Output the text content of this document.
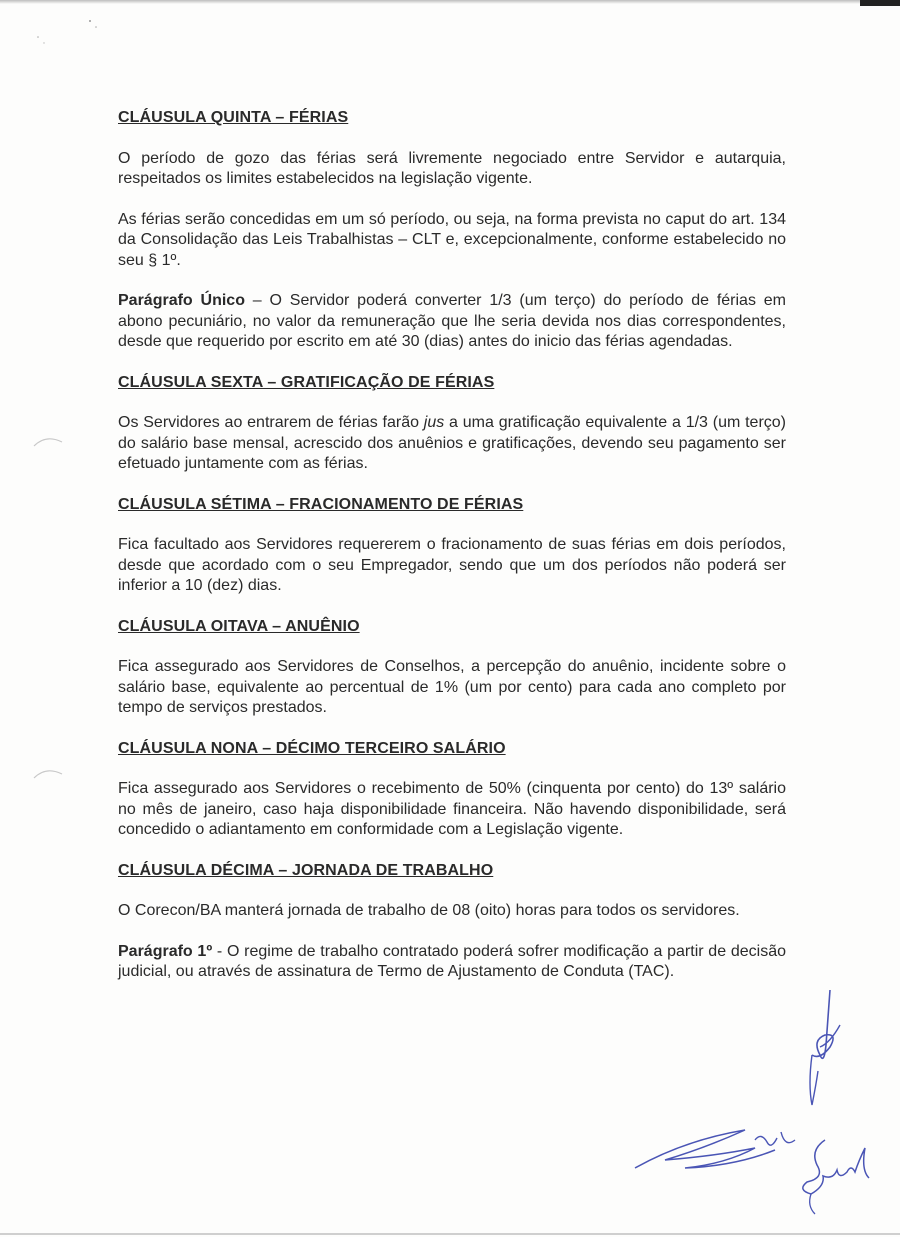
CLÁUSULA QUINTA – FÉRIAS

O período de gozo das férias será livremente negociado entre Servidor e autarquia, respeitados os limites estabelecidos na legislação vigente.

As férias serão concedidas em um só período, ou seja, na forma prevista no caput do art. 134 da Consolidação das Leis Trabalhistas – CLT e, excepcionalmente, conforme estabelecido no seu § 1º.

Parágrafo Único – O Servidor poderá converter 1/3 (um terço) do período de férias em abono pecuniário, no valor da remuneração que lhe seria devida nos dias correspondentes, desde que requerido por escrito em até 30 (dias) antes do inicio das férias agendadas.

CLÁUSULA SEXTA – GRATIFICAÇÃO DE FÉRIAS

Os Servidores ao entrarem de férias farão jus a uma gratificação equivalente a 1/3 (um terço) do salário base mensal, acrescido dos anuênios e gratificações, devendo seu pagamento ser efetuado juntamente com as férias.

CLÁUSULA SÉTIMA – FRACIONAMENTO DE FÉRIAS

Fica facultado aos Servidores requererem o fracionamento de suas férias em dois períodos, desde que acordado com o seu Empregador, sendo que um dos períodos não poderá ser inferior a 10 (dez) dias.

CLÁUSULA OITAVA – ANUÊNIO

Fica assegurado aos Servidores de Conselhos, a percepção do anuênio, incidente sobre o salário base, equivalente ao percentual de 1% (um por cento) para cada ano completo por tempo de serviços prestados.

CLÁUSULA NONA – DÉCIMO TERCEIRO SALÁRIO

Fica assegurado aos Servidores o recebimento de 50% (cinquenta por cento) do 13º salário no mês de janeiro, caso haja disponibilidade financeira. Não havendo disponibilidade, será concedido o adiantamento em conformidade com a Legislação vigente.

CLÁUSULA DÉCIMA – JORNADA DE TRABALHO

O Corecon/BA manterá jornada de trabalho de 08 (oito) horas para todos os servidores.

Parágrafo 1º - O regime de trabalho contratado poderá sofrer modificação a partir de decisão judicial, ou através de assinatura de Termo de Ajustamento de Conduta (TAC).
